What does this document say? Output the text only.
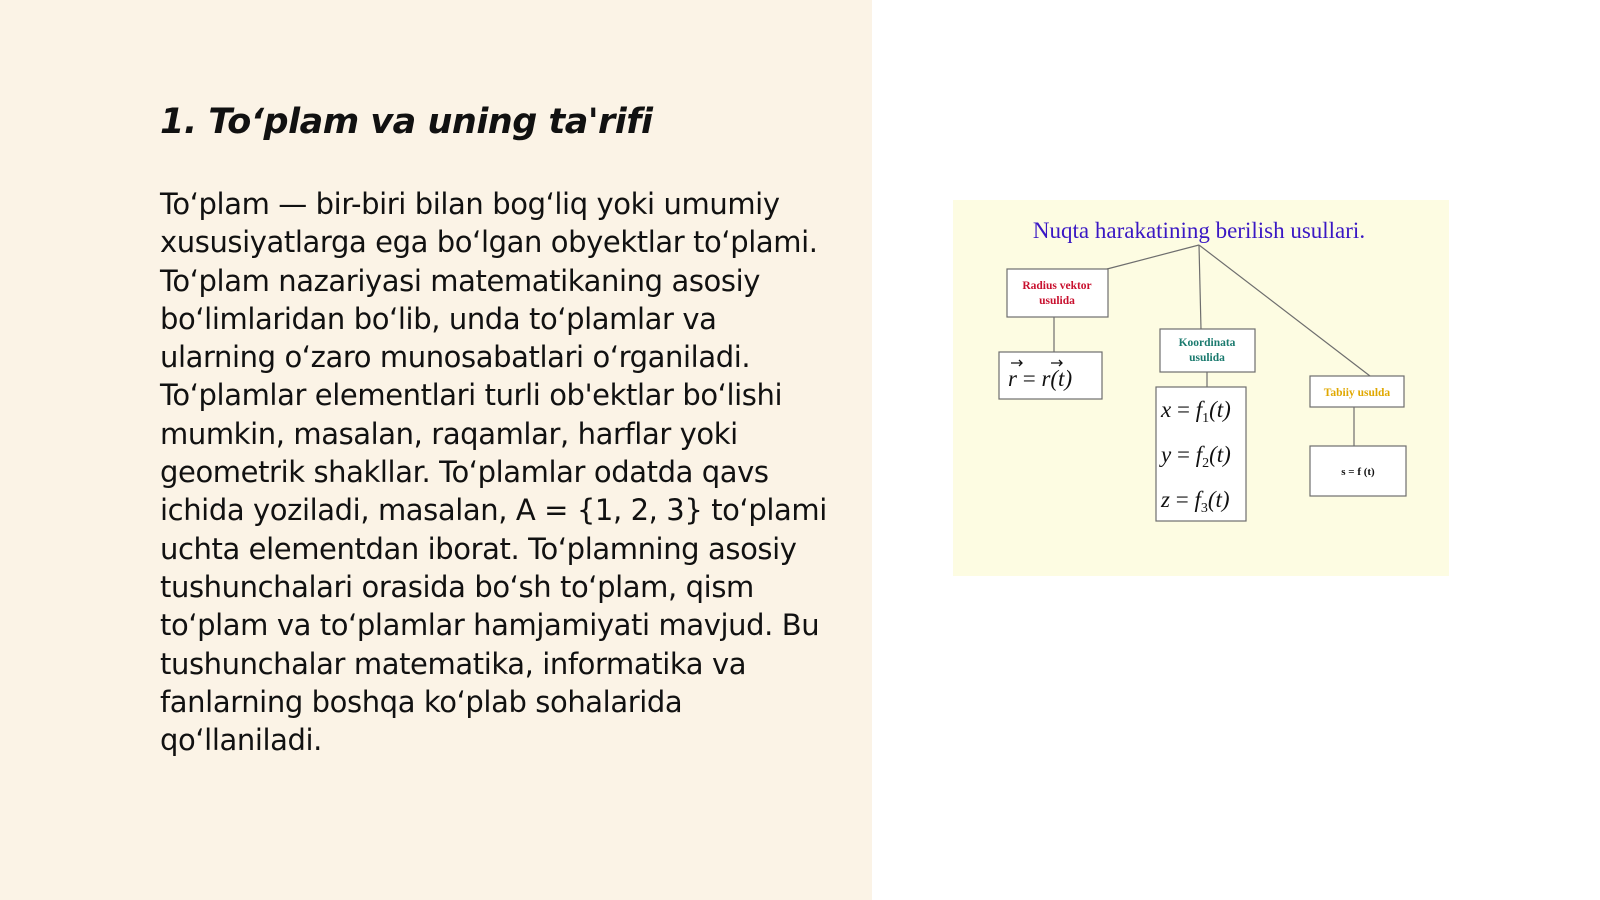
1. To‘plam va uning ta'rifi

To‘plam — bir-biri bilan bog‘liq yoki umumiy xususiyatlarga ega bo‘lgan obyektlar to‘plami. To‘plam nazariyasi matematikaning asosiy bo‘limlaridan bo‘lib, unda to‘plamlar va ularning o‘zaro munosabatlari o‘rganiladi. To‘plamlar elementlari turli ob'ektlar bo‘lishi mumkin, masalan, raqamlar, harflar yoki geometrik shakllar. To‘plamlar odatda qavs ichida yoziladi, masalan, A = {1, 2, 3} to‘plami uchta elementdan iborat. To‘plamning asosiy tushunchalari orasida bo‘sh to‘plam, qism to‘plam va to‘plamlar hamjamiyati mavjud. Bu tushunchalar matematika, informatika va fanlarning boshqa ko‘plab sohalarida qo‘llaniladi.

Nuqta harakatining berilish usullari.
Radius vektor
usulida
r = r(t)
Koordinata
usulida
x = f1(t)
y = f2(t)
z = f3(t)
Tabiiy usulda
s = f (t)
